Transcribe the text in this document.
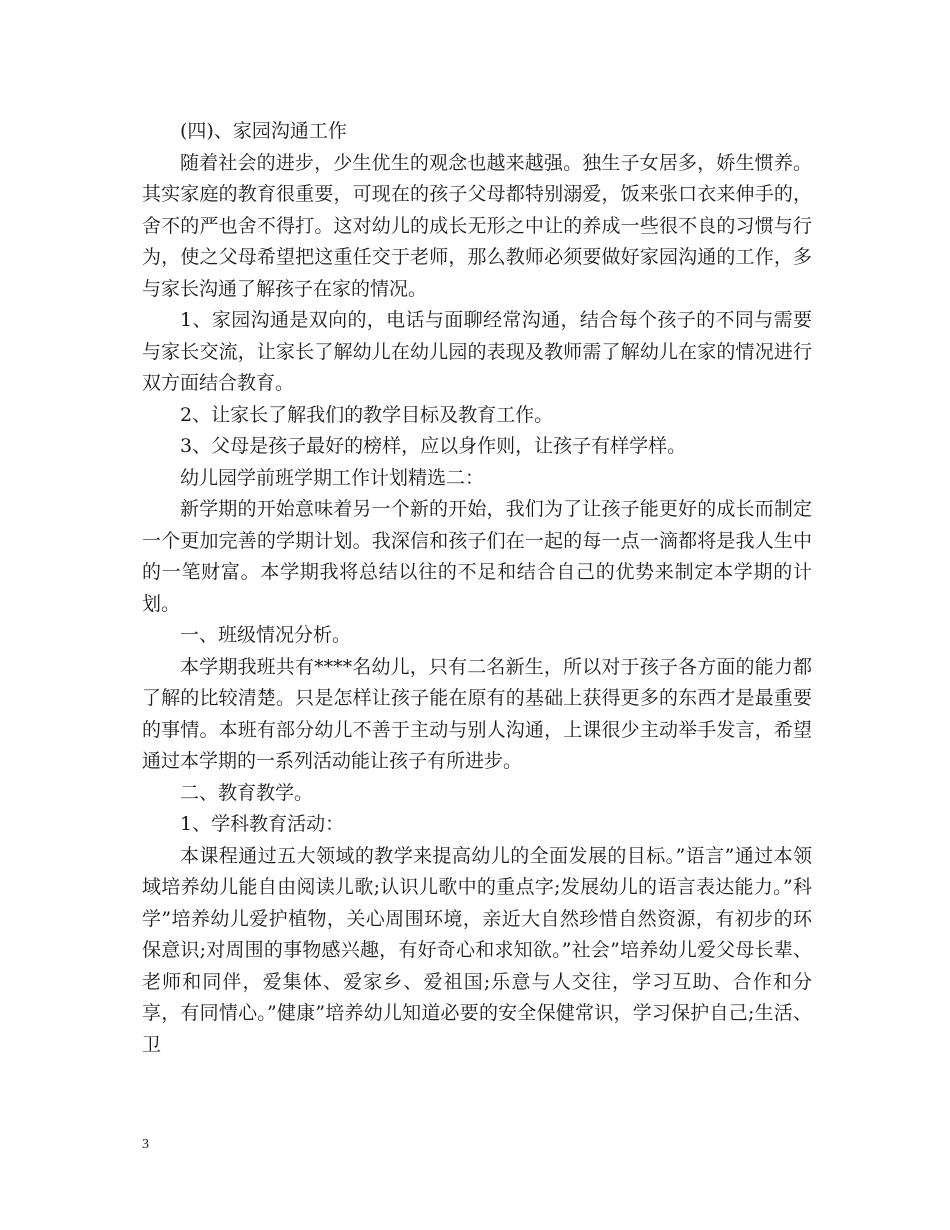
(四)、家园沟通工作

随着社会的进步，少生优生的观念也越来越强。独生子女居多，娇生惯养。其实家庭的教育很重要，可现在的孩子父母都特别溺爱，饭来张口衣来伸手的，舍不的严也舍不得打。这对幼儿的成长无形之中让的养成一些很不良的习惯与行为，使之父母希望把这重任交于老师，那么教师必须要做好家园沟通的工作，多与家长沟通了解孩子在家的情况。

1、家园沟通是双向的，电话与面聊经常沟通，结合每个孩子的不同与需要与家长交流，让家长了解幼儿在幼儿园的表现及教师需了解幼儿在家的情况进行双方面结合教育。

2、让家长了解我们的教学目标及教育工作。

3、父母是孩子最好的榜样，应以身作则，让孩子有样学样。

幼儿园学前班学期工作计划精选二：

新学期的开始意味着另一个新的开始，我们为了让孩子能更好的成长而制定一个更加完善的学期计划。我深信和孩子们在一起的每一点一滴都将是我人生中的一笔财富。本学期我将总结以往的不足和结合自己的优势来制定本学期的计划。

一、班级情况分析。

本学期我班共有****名幼儿，只有二名新生，所以对于孩子各方面的能力都了解的比较清楚。只是怎样让孩子能在原有的基础上获得更多的东西才是最重要的事情。本班有部分幼儿不善于主动与别人沟通，上课很少主动举手发言，希望通过本学期的一系列活动能让孩子有所进步。

二、教育教学。

1、学科教育活动：

本课程通过五大领域的教学来提高幼儿的全面发展的目标。”语言”通过本领域培养幼儿能自由阅读儿歌;认识儿歌中的重点字;发展幼儿的语言表达能力。”科学”培养幼儿爱护植物，关心周围环境，亲近大自然珍惜自然资源，有初步的环保意识;对周围的事物感兴趣，有好奇心和求知欲。”社会”培养幼儿爱父母长辈、老师和同伴，爱集体、爱家乡、爱祖国;乐意与人交往，学习互助、合作和分享，有同情心。”健康”培养幼儿知道必要的安全保健常识，学习保护自己;生活、卫

3
